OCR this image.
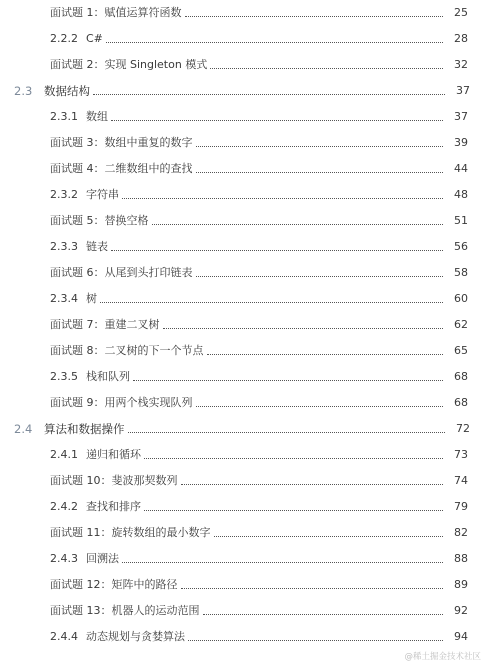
面试题 1：赋值运算符函数	25
2.2.2 C#	28
面试题 2：实现 Singleton 模式	32
2.3 数据结构	37
2.3.1 数组	37
面试题 3：数组中重复的数字	39
面试题 4：二维数组中的查找	44
2.3.2 字符串	48
面试题 5：替换空格	51
2.3.3 链表	56
面试题 6：从尾到头打印链表	58
2.3.4 树	60
面试题 7：重建二叉树	62
面试题 8：二叉树的下一个节点	65
2.3.5 栈和队列	68
面试题 9：用两个栈实现队列	68
2.4 算法和数据操作	72
2.4.1 递归和循环	73
面试题 10：斐波那契数列	74
2.4.2 查找和排序	79
面试题 11：旋转数组的最小数字	82
2.4.3 回溯法	88
面试题 12：矩阵中的路径	89
面试题 13：机器人的运动范围	92
2.4.4 动态规划与贪婪算法	94
@稀土掘金技术社区
